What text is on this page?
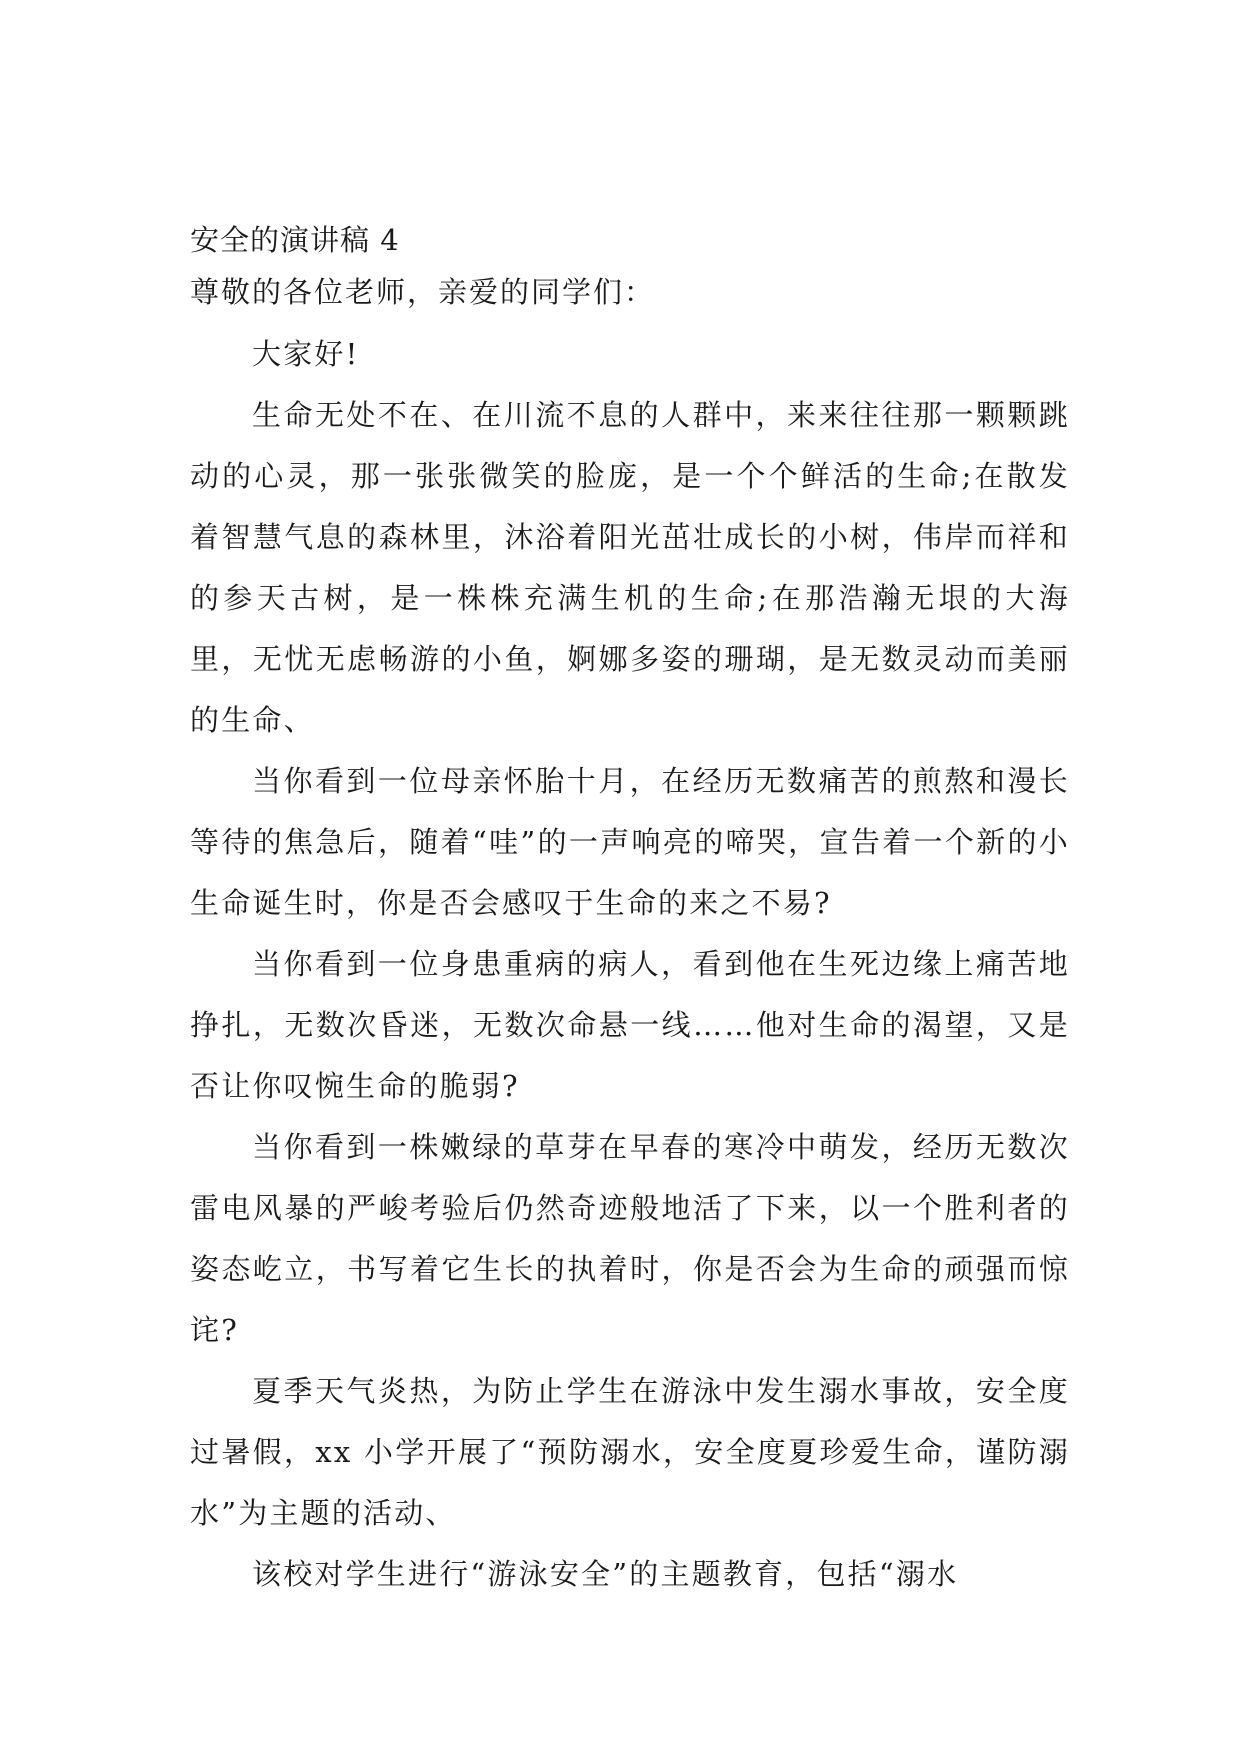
安全的演讲稿 4

尊敬的各位老师，亲爱的同学们：

大家好!

生命无处不在、在川流不息的人群中，来来往往那一颗颗跳动的心灵，那一张张微笑的脸庞，是一个个鲜活的生命;在散发着智慧气息的森林里，沐浴着阳光茁壮成长的小树，伟岸而祥和的参天古树，是一株株充满生机的生命;在那浩瀚无垠的大海里，无忧无虑畅游的小鱼，婀娜多姿的珊瑚，是无数灵动而美丽的生命、

当你看到一位母亲怀胎十月，在经历无数痛苦的煎熬和漫长等待的焦急后，随着“哇”的一声响亮的啼哭，宣告着一个新的小生命诞生时，你是否会感叹于生命的来之不易?

当你看到一位身患重病的病人，看到他在生死边缘上痛苦地挣扎，无数次昏迷，无数次命悬一线……他对生命的渴望，又是否让你叹惋生命的脆弱?

当你看到一株嫩绿的草芽在早春的寒冷中萌发，经历无数次雷电风暴的严峻考验后仍然奇迹般地活了下来，以一个胜利者的姿态屹立，书写着它生长的执着时，你是否会为生命的顽强而惊诧?

夏季天气炎热，为防止学生在游泳中发生溺水事故，安全度过暑假，xx 小学开展了“预防溺水，安全度夏珍爱生命，谨防溺水”为主题的活动、

该校对学生进行“游泳安全”的主题教育，包括“溺水
